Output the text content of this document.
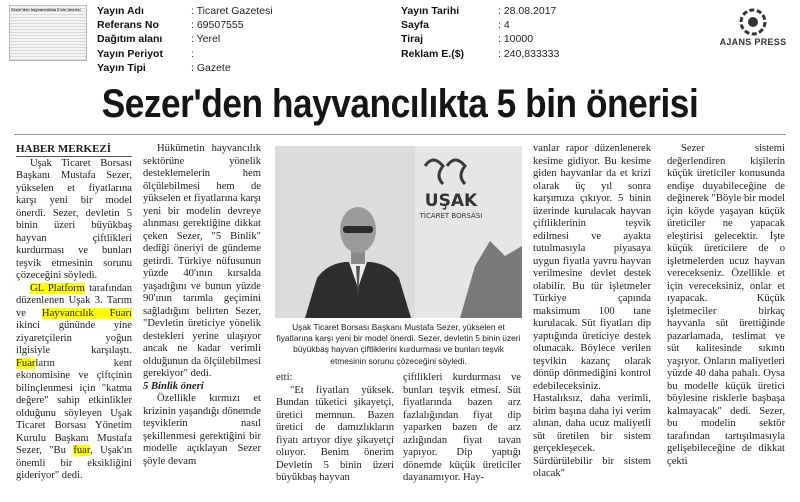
Sezer'den hayvancılıkta 5 bin önerisi Yayın Adı
Referans No
Dağıtım alanı
Yayın Periyot
Yayın Tipi
: Ticaret Gazetesi
: 69507555
: Yerel
:
: Gazete
Yayın Tarihi
Sayfa
Tiraj
Reklam E.($)
: 28.08.2017
: 4
: 10000
: 240,833333
AJANS PRESS
Sezer'den hayvancılıkta 5 bin önerisi

HABER MERKEZİ

Uşak Ticaret Borsası Başkanı Mustafa Sezer, yükselen et fiyatlarına karşı yeni bir model önerdi. Sezer, devletin 5 binin üzeri büyükbaş hayvan çiftlikleri kurdurması ve bunları teşvik etmesinin sorunu çözeceğini söyledi.

GL Platform tarafından düzenlenen Uşak 3. Tarım ve Hayvancılık Fuarı ikinci gününde yine ziyaretçilerin yoğun ilgisiyle karşılaştı. Fuarların kent ekonomisine ve çiftçinin bilinçlenmesi için "katma değere" sahip etkinlikler olduğunu söyleyen Uşak Ticaret Borsası Yönetim Kurulu Başkanı Mustafa Sezer, "Bu fuar, Uşak'ın önemli bir eksikliğini gideriyor" dedi.

Hükümetin hayvancılık sektörüne yönelik desteklemelerin hem ölçülebilmesi hem de yükselen et fiyatlarına karşı yeni bir modelin devreye alınması gerektiğine dikkat çeken Sezer, "5 Binlik" dediği öneriyi de gündeme getirdi. Türkiye nüfusunun yüzde 40'ının kırsalda yaşadığını ve bunun yüzde 90'ının tarımla geçimini sağladığını belirten Sezer, "Devletin üreticiye yönelik destekleri yerine ulaşıyor ancak ne kadar verimli olduğunun da ölçülebilmesi gerekiyor" dedi.

5 Binlik öneri

Özellikle kırmızı et krizinin yaşandığı dönemde teşviklerin nasıl şekillenmesi gerektiğini bir modelle açıklayan Sezer şöyle devam

UŞAK
TİCARET BORSASI
Uşak Ticaret Borsası Başkanı Mustafa Sezer, yükselen et fiyatlarına karşı yeni bir model önerdi. Sezer, devletin 5 binin üzeri büyükbaş hayvan çiftliklerini kurdurması ve bunları teşvik etmesinin sorunu çözeceğini söyledi.

etti:

"Et fiyatları yüksek. Bundan tüketici şikayetçi, üretici memnun. Bazen üretici de damızlıkların fiyatı artıyor diye şikayetçi oluyor. Benim önerim Devletin 5 binin üzeri büyükbaş hayvan

çiftlikleri kurdurması ve bunları teşvik etmesi. Süt fiyatlarında bazen arz fazlalığından fiyat dip yaparken bazen de arz azlığından fiyat tavan yapıyor. Dip yaptığı dönemde küçük üreticiler dayanamıyor. Hay-

vanlar rapor düzenlenerek kesime gidiyor. Bu kesime giden hayvanlar da et krizi olarak üç yıl sonra karşımıza çıkıyor. 5 binin üzerinde kurulacak hayvan çiftliklerinin teşvik edilmesi ve ayakta tutulmasıyla piyasaya uygun fiyatla yavru hayvan verilmesine devlet destek olabilir. Bu tür işletmeler Türkiye çapında maksimum 100 tane kurulacak. Süt fiyatları dip yaptığında üreticiye destek olunacak. Böylece verilen teşvikin kazanç olarak dönüp dönmediğini kontrol edebileceksiniz. Hastalıksız, daha verimli, birim başına daha iyi verim alınan, daha ucuz maliyetli süt üretilen bir sistem gerçekleşecek. Sürdürülebilir bir sistem olacak"

Sezer sistemi değerlendiren kişilerin küçük üreticiler konusunda endişe duyabileceğine de değinerek "Böyle bir model için köyde yaşayan küçük üreticiler ne yapacak eleştirisi gelecektir. İşte küçük üreticilere de o işletmelerden ucuz hayvan verecekseniz. Özellikle et için vereceksiniz, onlar et ıyapacak. Küçük işletmeciler birkaç hayvanla süt ürettiğinde pazarlamada, teslimat ve süt kalitesinde sıkıntı yaşıyor. Onların maliyetleri yüzde 40 daha pahalı. Oysa bu modelle küçük üretici böylesine risklerle başbaşa kalmayacak" dedi. Sezer, bu modelin sektör tarafından tartışılmasıyla gelişebileceğine de dikkat çekti
